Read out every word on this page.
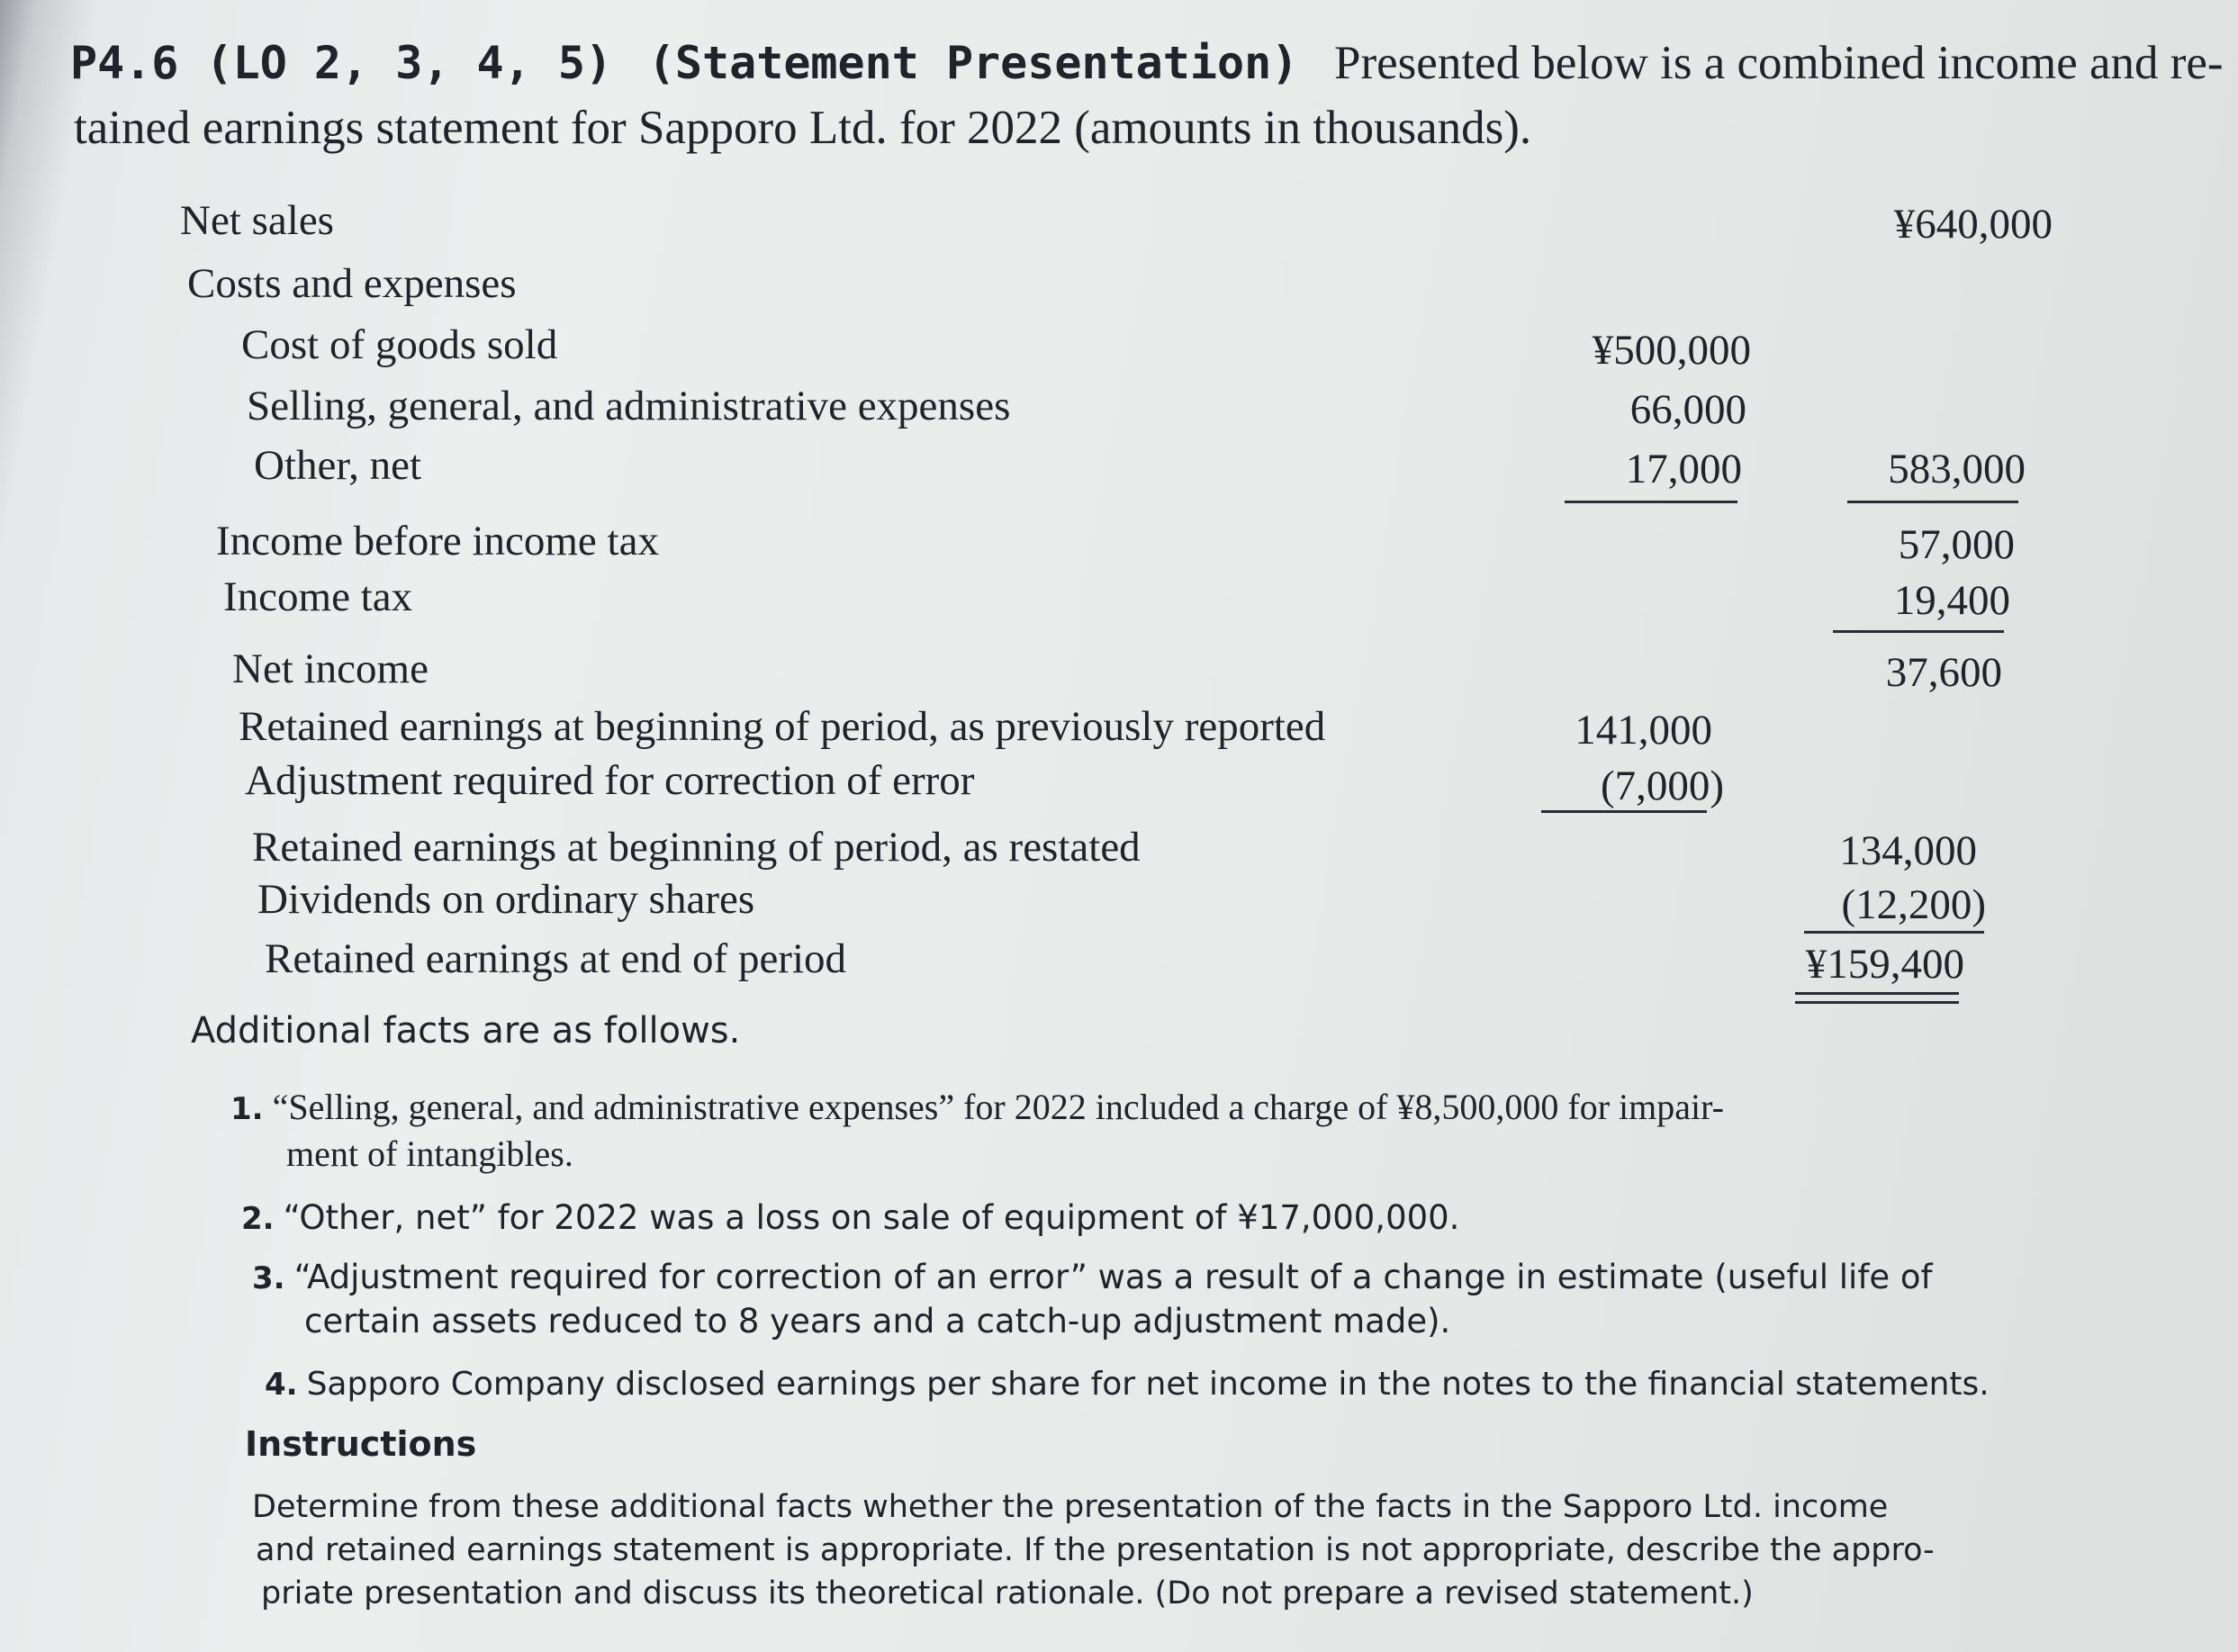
P4.6 (LO 2, 3, 4, 5) (Statement Presentation) Presented below is a combined income and re-
tained earnings statement for Sapporo Ltd. for 2022 (amounts in thousands).
Net sales	¥640,000
Costs and expenses
Cost of goods sold	¥500,000
Selling, general, and administrative expenses	66,000
Other, net	17,000	583,000
Income before income tax	57,000
Income tax	19,400
Net income	37,600
Retained earnings at beginning of period, as previously reported	141,000
Adjustment required for correction of error	(7,000)
Retained earnings at beginning of period, as restated	134,000
Dividends on ordinary shares	(12,200)
Retained earnings at end of period	¥159,400
Additional facts are as follows.
1. “Selling, general, and administrative expenses” for 2022 included a charge of ¥8,500,000 for impair-
ment of intangibles.
2. “Other, net” for 2022 was a loss on sale of equipment of ¥17,000,000.
3. “Adjustment required for correction of an error” was a result of a change in estimate (useful life of
certain assets reduced to 8 years and a catch-up adjustment made).
4. Sapporo Company disclosed earnings per share for net income in the notes to the financial statements.
Instructions
Determine from these additional facts whether the presentation of the facts in the Sapporo Ltd. income
and retained earnings statement is appropriate. If the presentation is not appropriate, describe the appro-
priate presentation and discuss its theoretical rationale. (Do not prepare a revised statement.)
